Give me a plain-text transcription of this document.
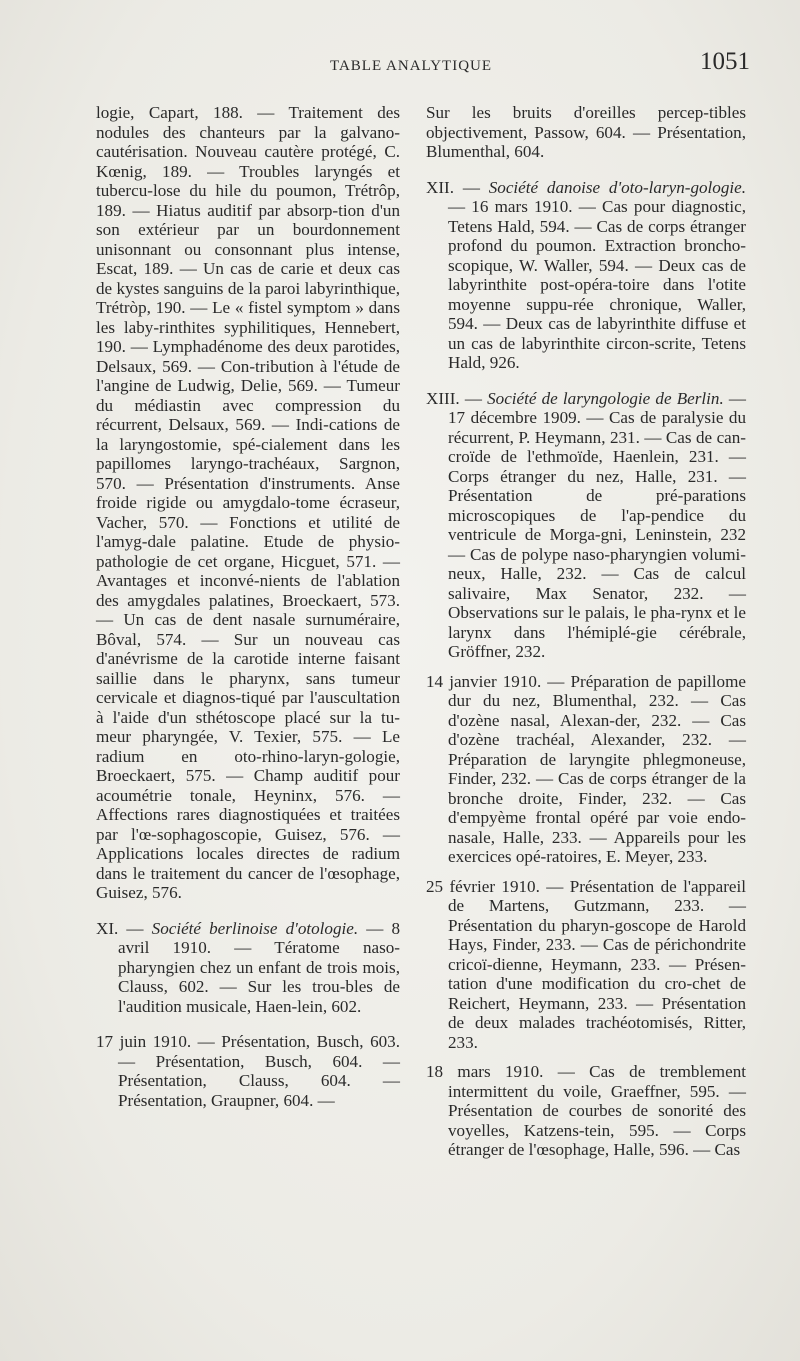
TABLE ANALYTIQUE	1051

logie, Capart, 188. — Traitement des nodules des chanteurs par la galvano-cautérisation. Nouveau cautère protégé, C. Kœnig, 189. — Troubles laryngés et tubercu-lose du hile du poumon, Trétrôp, 189. — Hiatus auditif par absorp-tion d'un son extérieur par un bourdonnement unisonnant ou consonnant plus intense, Escat, 189. — Un cas de carie et deux cas de kystes sanguins de la paroi labyrinthique, Trétròp, 190. — Le « fistel symptom » dans les laby-rinthites syphilitiques, Hennebert, 190. — Lymphadénome des deux parotides, Delsaux, 569. — Con-tribution à l'étude de l'angine de Ludwig, Delie, 569. — Tumeur du médiastin avec compression du récurrent, Delsaux, 569. — Indi-cations de la laryngostomie, spé-cialement dans les papillomes laryngo-trachéaux, Sargnon, 570. — Présentation d'instruments. Anse froide rigide ou amygdalo-tome écraseur, Vacher, 570. — Fonctions et utilité de l'amyg-dale palatine. Etude de physio-pathologie de cet organe, Hicguet, 571. — Avantages et inconvé-nients de l'ablation des amygdales palatines, Broeckaert, 573. — Un cas de dent nasale surnuméraire, Bôval, 574. — Sur un nouveau cas d'anévrisme de la carotide interne faisant saillie dans le pharynx, sans tumeur cervicale et diagnos-tiqué par l'auscultation à l'aide d'un sthétoscope placé sur la tu-meur pharyngée, V. Texier, 575. — Le radium en oto-rhino-laryn-gologie, Broeckaert, 575. — Champ auditif pour acoumétrie tonale, Heyninx, 576. — Affections rares diagnostiquées et traitées par l'œ-sophagoscopie, Guisez, 576. — Applications locales directes de radium dans le traitement du cancer de l'œsophage, Guisez, 576.

XI. — Société berlinoise d'otologie. — 8 avril 1910. — Tératome naso-pharyngien chez un enfant de trois mois, Clauss, 602. — Sur les trou-bles de l'audition musicale, Haen-lein, 602.

17 juin 1910. — Présentation, Busch, 603. — Présentation, Busch, 604. — Présentation, Clauss, 604. — Présentation, Graupner, 604. —

Sur les bruits d'oreilles percep-tibles objectivement, Passow, 604. — Présentation, Blumenthal, 604.

XII. — Société danoise d'oto-laryn-gologie. — 16 mars 1910. — Cas pour diagnostic, Tetens Hald, 594. — Cas de corps étranger profond du poumon. Extraction broncho-scopique, W. Waller, 594. — Deux cas de labyrinthite post-opéra-toire dans l'otite moyenne suppu-rée chronique, Waller, 594. — Deux cas de labyrinthite diffuse et un cas de labyrinthite circon-scrite, Tetens Hald, 926.

XIII. — Société de laryngologie de Berlin. — 17 décembre 1909. — Cas de paralysie du récurrent, P. Heymann, 231. — Cas de can-croïde de l'ethmoïde, Haenlein, 231. — Corps étranger du nez, Halle, 231. — Présentation de pré-parations microscopiques de l'ap-pendice du ventricule de Morga-gni, Leninstein, 232 — Cas de polype naso-pharyngien volumi-neux, Halle, 232. — Cas de calcul salivaire, Max Senator, 232. — Observations sur le palais, le pha-rynx et le larynx dans l'hémiplé-gie cérébrale, Gröffner, 232.

14 janvier 1910. — Préparation de papillome dur du nez, Blumenthal, 232. — Cas d'ozène nasal, Alexan-der, 232. — Cas d'ozène trachéal, Alexander, 232. — Préparation de laryngite phlegmoneuse, Finder, 232. — Cas de corps étranger de la bronche droite, Finder, 232. — Cas d'empyème frontal opéré par voie endo-nasale, Halle, 233. — Appareils pour les exercices opé-ratoires, E. Meyer, 233.

25 février 1910. — Présentation de l'appareil de Martens, Gutzmann, 233. — Présentation du pharyn-goscope de Harold Hays, Finder, 233. — Cas de périchondrite cricoï-dienne, Heymann, 233. — Présen-tation d'une modification du cro-chet de Reichert, Heymann, 233. — Présentation de deux malades trachéotomisés, Ritter, 233.

18 mars 1910. — Cas de tremblement intermittent du voile, Graeffner, 595. — Présentation de courbes de sonorité des voyelles, Katzens-tein, 595. — Corps étranger de l'œsophage, Halle, 596. — Cas
